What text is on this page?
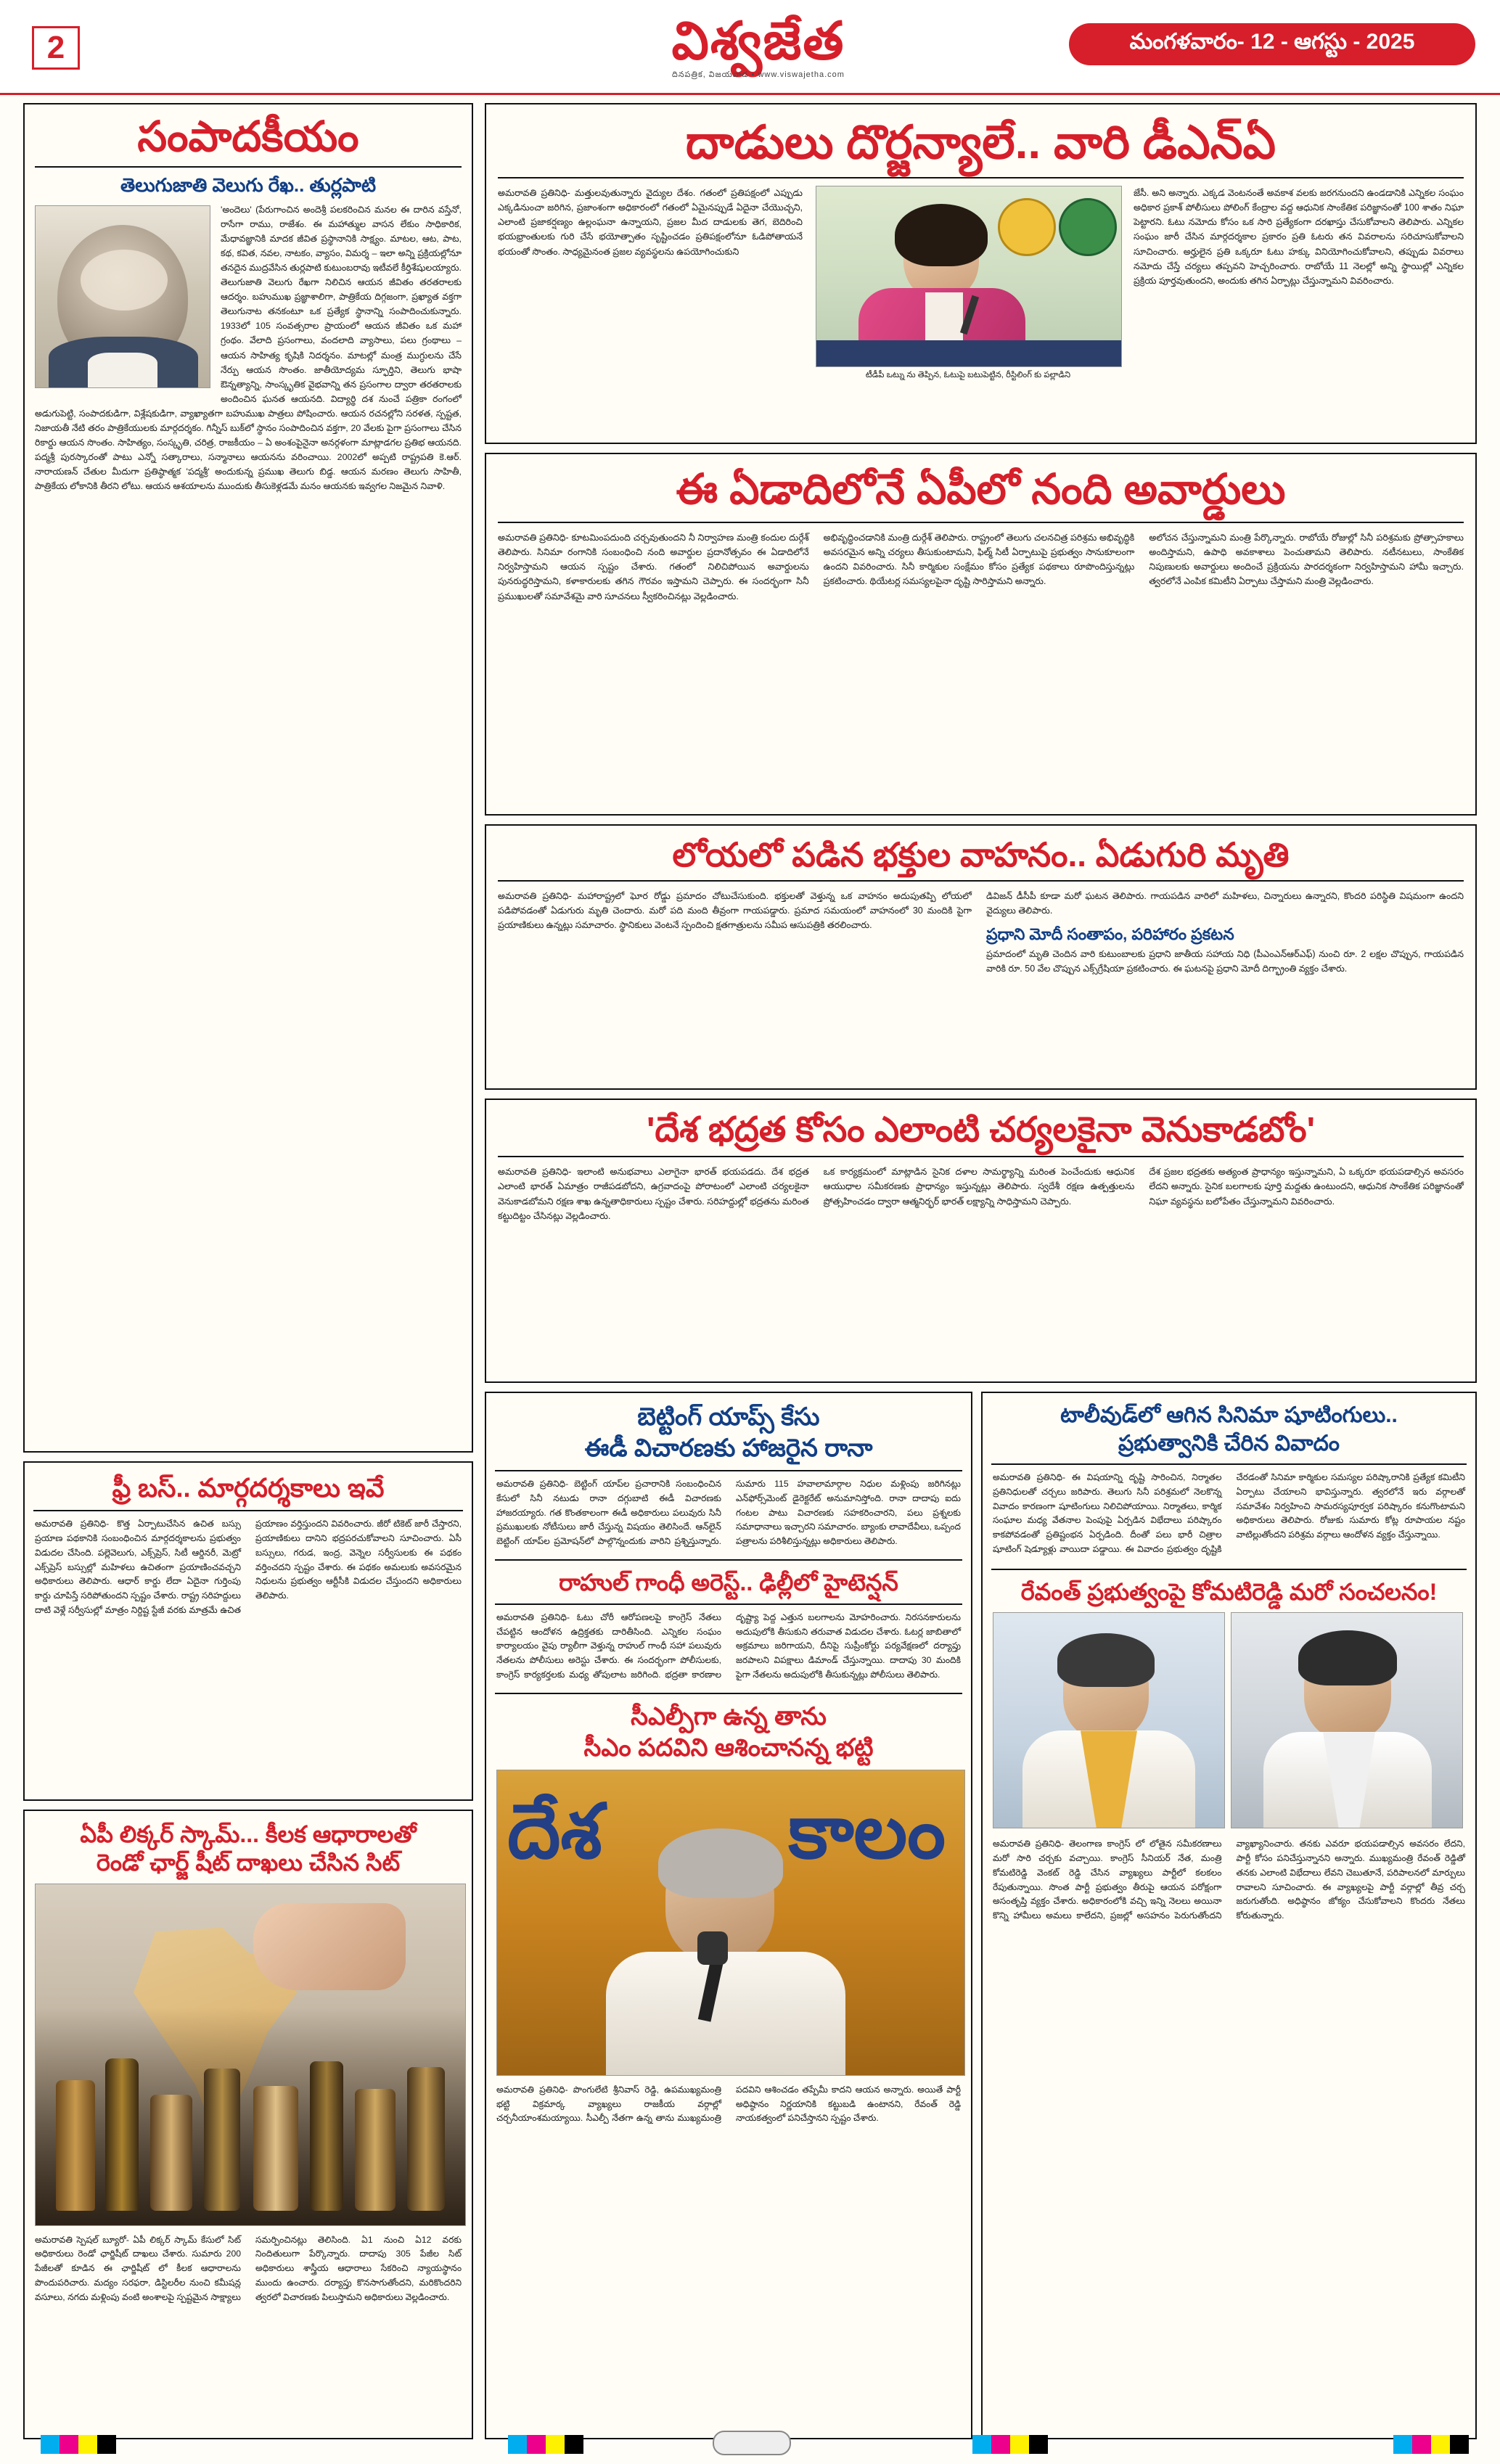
2	విశ్వజేత
దినపత్రిక, విజయవాడ • www.viswajetha.com
మంగళవారం- 12 - ఆగస్టు - 2025
సంపాదకీయం
తెలుగుజాతి వెలుగు రేఖ.. తుర్లపాటి
'అందెలు' (పేరుగాంచిన అందెశ్రీ పలకరించిన మనల ఈ దారిన వస్తేనో, రాసేగా రాము, రాజేశం. ఈ మహాత్ముల వాసన లేకుం సాధికారిక, మేధావజ్ఞానికి మాదక జీవిత ప్రస్థానానికి సాక్ష్యం. మాటల, ఆట, పాట, కథ, కవిత, నవల, నాటకం, వ్యాసం, విమర్శ – ఇలా అన్ని ప్రక్రియల్లోనూ తనదైన ముద్రవేసిన తుర్లపాటి కుటుంబరావు ఇటీవలే కీర్తిశేషులయ్యారు. తెలుగుజాతి వెలుగు రేఖగా నిలిచిన ఆయన జీవితం తరతరాలకు ఆదర్శం. బహుముఖ ప్రజ్ఞాశాలిగా, పాత్రికేయ దిగ్గజంగా, ప్రఖ్యాత వక్తగా తెలుగునాట తనకంటూ ఒక ప్రత్యేక స్థానాన్ని సంపాదించుకున్నారు. 1933లో 105 సంవత్సరాల ప్రాయంలో ఆయన జీవితం ఒక మహా గ్రంథం. వేలాది ప్రసంగాలు, వందలాది వ్యాసాలు, పలు గ్రంథాలు – ఆయన సాహిత్య కృషికి నిదర్శనం. మాటల్లో మంత్ర ముగ్ధులను చేసే నేర్పు ఆయన సొంతం. జాతీయోద్యమ స్ఫూర్తిని, తెలుగు భాషా ఔన్నత్యాన్ని, సాంస్కృతిక వైభవాన్ని తన ప్రసంగాల ద్వారా తరతరాలకు అందించిన ఘనత ఆయనది. విద్యార్థి దశ నుంచే పత్రికా రంగంలో అడుగుపెట్టి, సంపాదకుడిగా, విశ్లేషకుడిగా, వ్యాఖ్యాతగా బహుముఖ పాత్రలు పోషించారు. ఆయన రచనల్లోని సరళత, స్పష్టత, నిజాయతీ నేటి తరం పాత్రికేయులకు మార్గదర్శకం. గిన్నీస్ బుక్‌లో స్థానం సంపాదించిన వక్తగా, 20 వేలకు పైగా ప్రసంగాలు చేసిన రికార్డు ఆయన సొంతం. సాహిత్యం, సంస్కృతి, చరిత్ర, రాజకీయం – ఏ అంశంపైనైనా అనర్గళంగా మాట్లాడగల ప్రతిభ ఆయనది. పద్మశ్రీ పురస్కారంతో పాటు ఎన్నో సత్కారాలు, సన్మానాలు ఆయనను వరించాయి. 2002లో అప్పటి రాష్ట్రపతి కె.ఆర్. నారాయణన్ చేతుల మీదుగా ప్రతిష్ఠాత్మక 'పద్మశ్రీ' అందుకున్న ప్రముఖ తెలుగు బిడ్డ. ఆయన మరణం తెలుగు సాహితీ, పాత్రికేయ లోకానికి తీరని లోటు. ఆయన ఆశయాలను ముందుకు తీసుకెళ్లడమే మనం ఆయనకు ఇవ్వగల నిజమైన నివాళి.
ఫ్రీ బస్.. మార్గదర్శకాలు ఇవే
అమరావతి ప్రతినిధి- కొత్త ఏర్పాటుచేసిన ఉచిత బస్సు ప్రయాణ పథకానికి సంబంధించిన మార్గదర్శకాలను ప్రభుత్వం విడుదల చేసింది. పల్లెవెలుగు, ఎక్స్‌ప్రెస్, సిటీ ఆర్డినరీ, మెట్రో ఎక్స్‌ప్రెస్ బస్సుల్లో మహిళలు ఉచితంగా ప్రయాణించవచ్చని అధికారులు తెలిపారు. ఆధార్ కార్డు లేదా ఏదైనా గుర్తింపు కార్డు చూపిస్తే సరిపోతుందని స్పష్టం చేశారు. రాష్ట్ర సరిహద్దులు దాటి వెళ్లే సర్వీసుల్లో మాత్రం నిర్దిష్ట స్టేజీ వరకు మాత్రమే ఉచిత ప్రయాణం వర్తిస్తుందని వివరించారు. జీరో టికెట్ జారీ చేస్తారని, ప్రయాణికులు దానిని భద్రపరచుకోవాలని సూచించారు. ఏసీ బస్సులు, గరుడ, ఇంద్ర, వెన్నెల సర్వీసులకు ఈ పథకం వర్తించదని స్పష్టం చేశారు. ఈ పథకం అమలుకు అవసరమైన నిధులను ప్రభుత్వం ఆర్టీసీకి విడుదల చేస్తుందని అధికారులు తెలిపారు.
ఏపీ లిక్కర్ స్కామ్... కీలక ఆధారాలతో
రెండో ఛార్జ్ షీట్ దాఖలు చేసిన సిట్
అమరావతి స్పెషల్ బ్యూరో- ఏపీ లిక్కర్ స్కామ్ కేసులో సిట్ అధికారులు రెండో ఛార్జిషీట్ దాఖలు చేశారు. సుమారు 200 పేజీలతో కూడిన ఈ ఛార్జిషీట్ లో కీలక ఆధారాలను పొందుపరిచారు. మద్యం సరఫరా, డిస్టిలరీల నుంచి కమీషన్ల వసూలు, నగదు మళ్లింపు వంటి అంశాలపై స్పష్టమైన సాక్ష్యాలు సమర్పించినట్లు తెలిసింది. ఏ1 నుంచి ఏ12 వరకు నిందితులుగా పేర్కొన్నారు. దాదాపు 305 పేజీల సిట్ అధికారులు శాస్త్రీయ ఆధారాలు సేకరించి న్యాయస్థానం ముందు ఉంచారు. దర్యాప్తు కొనసాగుతోందని, మరికొందరిని త్వరలో విచారణకు పిలుస్తామని అధికారులు వెల్లడించారు.
దాడులు దొర్జన్యాలే.. వారి డీఎన్‌ఏ
అమరావతి ప్రతినిధి- మత్తులవుతున్నారు వైద్యుల దేశం. గతంలో ప్రతిపక్షంలో ఎప్పుడు ఎక్కడినుంచా జరిగిన, ప్రజాంశంగా అధికారంలో గతంలో ఏమైనప్పుడే ఏదైనా చేయొచ్చని, ఎలాంటి ప్రజాకర్షణ్యం ఉల్లంఘనా ఉన్నాయని, ప్రజల మీద దాడులకు తెగ, బెదిరించి భయభ్రాంతులకు గురి చేసే భయోత్పాతం సృష్టించడం ప్రతిపక్షంలోనూ ఓడిపోతాయనే భయంతో సొంతం. సాధ్యమైనంత ప్రజల వ్యవస్థలను ఉపయోగించుకుని
టీడీపీ ఒట్ను ను తెప్పిన, ఓటుపై బటుపెట్టిన, రీస్టిలింగ్ కు పల్లాడిని
జేసీ. అని అన్నారు. ఎక్కడ వెంటనంతే అవకాశ వలకు జరగనుందని ఉండడానికి ఎన్నికల సంఘం అధికార ప్రకాశ్ పోలీసులు పోలింగ్ కేంద్రాల వద్ద ఆధునిక సాంకేతిక పరిజ్ఞానంతో 100 శాతం నిఘా పెట్టారని. ఓటు నమోదు కోసం ఒక సారి ప్రత్యేకంగా దరఖాస్తు చేసుకోవాలని తెలిపారు. ఎన్నికల సంఘం జారీ చేసిన మార్గదర్శకాల ప్రకారం ప్రతి ఓటరు తన వివరాలను సరిచూసుకోవాలని సూచించారు. అర్హులైన ప్రతి ఒక్కరూ ఓటు హక్కు వినియోగించుకోవాలని, తప్పుడు వివరాలు నమోదు చేస్తే చర్యలు తప్పవని హెచ్చరించారు. రాబోయే 11 నెలల్లో అన్ని స్థాయిల్లో ఎన్నికల ప్రక్రియ పూర్తవుతుందని, అందుకు తగిన ఏర్పాట్లు చేస్తున్నామని వివరించారు.
ఈ ఏడాదిలోనే ఏపీలో నంది అవార్డులు
అమరావతి ప్రతినిధి- కూటమింపదుంది చర్చవుతుందని నీ నిర్వాహణ మంత్రి కందుల దుర్గేశ్ తెలిపారు. సినిమా రంగానికి సంబంధించి నంది అవార్డుల ప్రదానోత్సవం ఈ ఏడాదిలోనే నిర్వహిస్తామని ఆయన స్పష్టం చేశారు. గతంలో నిలిచిపోయిన అవార్డులను పునరుద్ధరిస్తామని, కళాకారులకు తగిన గౌరవం ఇస్తామని చెప్పారు. ఈ సందర్భంగా సినీ ప్రముఖులతో సమావేశమై వారి సూచనలు స్వీకరించినట్లు వెల్లడించారు.
అభివృద్ధించడానికి మంత్రి దుర్గేశ్ తెలిపారు. రాష్ట్రంలో తెలుగు చలనచిత్ర పరిశ్రమ అభివృద్ధికి అవసరమైన అన్ని చర్యలు తీసుకుంటామని, ఫిల్మ్ సిటీ ఏర్పాటుపై ప్రభుత్వం సానుకూలంగా ఉందని వివరించారు. సినీ కార్మికుల సంక్షేమం కోసం ప్రత్యేక పథకాలు రూపొందిస్తున్నట్లు ప్రకటించారు. థియేటర్ల సమస్యలపైనా దృష్టి సారిస్తామని అన్నారు.
అలోచన చేస్తున్నామని మంత్రి పేర్కొన్నారు. రాబోయే రోజుల్లో సినీ పరిశ్రమకు ప్రోత్సాహకాలు అందిస్తామని, ఉపాధి అవకాశాలు పెంచుతామని తెలిపారు. నటీనటులు, సాంకేతిక నిపుణులకు అవార్డులు అందించే ప్రక్రియను పారదర్శకంగా నిర్వహిస్తామని హామీ ఇచ్చారు. త్వరలోనే ఎంపిక కమిటీని ఏర్పాటు చేస్తామని మంత్రి వెల్లడించారు.
లోయలో పడిన భక్తుల వాహనం.. ఏడుగురి మృతి
అమరావతి ప్రతినిధి- మహారాష్ట్రలో ఘోర రోడ్డు ప్రమాదం చోటుచేసుకుంది. భక్తులతో వెళ్తున్న ఒక వాహనం అదుపుతప్పి లోయలో పడిపోవడంతో ఏడుగురు మృతి చెందారు. మరో పది మంది తీవ్రంగా గాయపడ్డారు. ప్రమాద సమయంలో వాహనంలో 30 మందికి పైగా ప్రయాణికులు ఉన్నట్లు సమాచారం. స్థానికులు వెంటనే స్పందించి క్షతగాత్రులను సమీప ఆసుపత్రికి తరలించారు.
డివిజన్ డీసీపీ కూడా మరో ఘటన తెలిపారు. గాయపడిన వారిలో మహిళలు, చిన్నారులు ఉన్నారని, కొందరి పరిస్థితి విషమంగా ఉందని వైద్యులు తెలిపారు.
ప్రధాని మోదీ సంతాపం, పరిహారం ప్రకటన
ప్రమాదంలో మృతి చెందిన వారి కుటుంబాలకు ప్రధాని జాతీయ సహాయ నిధి (పీఎంఎన్ఆర్ఎఫ్) నుంచి రూ. 2 లక్షల చొప్పున, గాయపడిన వారికి రూ. 50 వేల చొప్పున ఎక్స్‌గ్రేషియా ప్రకటించారు. ఈ ఘటనపై ప్రధాని మోదీ దిగ్భ్రాంతి వ్యక్తం చేశారు.
'దేశ భద్రత కోసం ఎలాంటి చర్యలకైనా వెనుకాడబోం'
అమరావతి ప్రతినిధి- ఇలాంటి అనుభవాలు ఎలాగైనా భారత్ భయపడదు. దేశ భద్రత ఎలాంటి భారత్ ఏమాత్రం రాజీపడబోదని, ఉగ్రవాదంపై పోరాటంలో ఎలాంటి చర్యలకైనా వెనుకాడబోమని రక్షణ శాఖ ఉన్నతాధికారులు స్పష్టం చేశారు. సరిహద్దుల్లో భద్రతను మరింత కట్టుదిట్టం చేసినట్లు వెల్లడించారు.
ఒక కార్యక్రమంలో మాట్లాడిన సైనిక దళాల సామర్థ్యాన్ని మరింత పెంచేందుకు ఆధునిక ఆయుధాల సమీకరణకు ప్రాధాన్యం ఇస్తున్నట్లు తెలిపారు. స్వదేశీ రక్షణ ఉత్పత్తులను ప్రోత్సహించడం ద్వారా ఆత్మనిర్భర్ భారత్ లక్ష్యాన్ని సాధిస్తామని చెప్పారు.
దేశ ప్రజల భద్రతకు అత్యంత ప్రాధాన్యం ఇస్తున్నామని, ఏ ఒక్కరూ భయపడాల్సిన అవసరం లేదని అన్నారు. సైనిక బలగాలకు పూర్తి మద్దతు ఉంటుందని, ఆధునిక సాంకేతిక పరిజ్ఞానంతో నిఘా వ్యవస్థను బలోపేతం చేస్తున్నామని వివరించారు.
బెట్టింగ్ యాప్స్ కేసు
ఈడీ విచారణకు హాజరైన రానా
అమరావతి ప్రతినిధి- బెట్టింగ్ యాప్‌ల ప్రచారానికి సంబంధించిన కేసులో సినీ నటుడు రానా దగ్గుబాటి ఈడీ విచారణకు హాజరయ్యారు. గత కొంతకాలంగా ఈడీ అధికారులు పలువురు సినీ ప్రముఖులకు నోటీసులు జారీ చేస్తున్న విషయం తెలిసిందే. ఆన్‌లైన్ బెట్టింగ్ యాప్‌ల ప్రమోషన్‌లో పాల్గొన్నందుకు వారిని ప్రశ్నిస్తున్నారు. సుమారు 115 హవాలామార్గాల నిధుల మళ్లింపు జరిగినట్లు ఎన్‌ఫోర్స్‌మెంట్ డైరెక్టరేట్ అనుమానిస్తోంది. రానా దాదాపు ఐదు గంటల పాటు విచారణకు సహకరించారని, పలు ప్రశ్నలకు సమాధానాలు ఇచ్చారని సమాచారం. బ్యాంకు లావాదేవీలు, ఒప్పంద పత్రాలను పరిశీలిస్తున్నట్లు అధికారులు తెలిపారు.
రాహుల్ గాంధీ అరెస్ట్.. ఢిల్లీలో హైటెన్షన్
అమరావతి ప్రతినిధి- ఓటు చోరీ ఆరోపణలపై కాంగ్రెస్ నేతలు చేపట్టిన ఆందోళన ఉద్రిక్తతకు దారితీసింది. ఎన్నికల సంఘం కార్యాలయం వైపు ర్యాలీగా వెళ్తున్న రాహుల్ గాంధీ సహా పలువురు నేతలను పోలీసులు అరెస్టు చేశారు. ఈ సందర్భంగా పోలీసులకు, కాంగ్రెస్ కార్యకర్తలకు మధ్య తోపులాట జరిగింది. భద్రతా కారణాల దృష్ట్యా పెద్ద ఎత్తున బలగాలను మోహరించారు. నిరసనకారులను అదుపులోకి తీసుకుని తరువాత విడుదల చేశారు. ఓటర్ల జాబితాలో అక్రమాలు జరిగాయని, దీనిపై సుప్రీంకోర్టు పర్యవేక్షణలో దర్యాప్తు జరపాలని విపక్షాలు డిమాండ్ చేస్తున్నాయి. దాదాపు 30 మందికి పైగా నేతలను అదుపులోకి తీసుకున్నట్లు పోలీసులు తెలిపారు.
సీఎల్పీగా ఉన్న తాను
సీఎం పదవిని ఆశించానన్న భట్టి
దేశ కాలం
అమరావతి ప్రతినిధి- పొంగులేటి శ్రీనివాస్ రెడ్డి, ఉపముఖ్యమంత్రి భట్టి విక్రమార్క వ్యాఖ్యలు రాజకీయ వర్గాల్లో చర్చనీయాంశమయ్యాయి. సీఎల్పీ నేతగా ఉన్న తాను ముఖ్యమంత్రి పదవిని ఆశించడం తప్పేమీ కాదని ఆయన అన్నారు. అయితే పార్టీ అధిష్ఠానం నిర్ణయానికి కట్టుబడి ఉంటానని, రేవంత్ రెడ్డి నాయకత్వంలో పనిచేస్తానని స్పష్టం చేశారు.
టాలీవుడ్‌లో ఆగిన సినిమా షూటింగులు..
ప్రభుత్వానికి చేరిన వివాదం
అమరావతి ప్రతినిధి- ఈ విషయాన్ని దృష్టి సారించిన, నిర్మాతల ప్రతినిధులతో చర్చలు జరిపారు. తెలుగు సినీ పరిశ్రమలో నెలకొన్న వివాదం కారణంగా షూటింగులు నిలిచిపోయాయి. నిర్మాతలు, కార్మిక సంఘాల మధ్య వేతనాల పెంపుపై ఏర్పడిన విభేదాలు పరిష్కారం కాకపోవడంతో ప్రతిష్టంభన ఏర్పడింది. దీంతో పలు భారీ చిత్రాల షూటింగ్ షెడ్యూళ్లు వాయిదా పడ్డాయి. ఈ వివాదం ప్రభుత్వం దృష్టికి చేరడంతో సినిమా కార్మికుల సమస్యల పరిష్కారానికి ప్రత్యేక కమిటీని ఏర్పాటు చేయాలని భావిస్తున్నారు. త్వరలోనే ఇరు వర్గాలతో సమావేశం నిర్వహించి సామరస్యపూర్వక పరిష్కారం కనుగొంటామని అధికారులు తెలిపారు. రోజుకు సుమారు కోట్ల రూపాయల నష్టం వాటిల్లుతోందని పరిశ్రమ వర్గాలు ఆందోళన వ్యక్తం చేస్తున్నాయి.
రేవంత్ ప్రభుత్వంపై కోమటిరెడ్డి మరో సంచలనం!
అమరావతి ప్రతినిధి- తెలంగాణ కాంగ్రెస్ లో లోతైన సమీకరణాలు మరో సారి చర్చకు వచ్చాయి. కాంగ్రెస్ సీనియర్ నేత, మంత్రి కోమటిరెడ్డి వెంకట్ రెడ్డి చేసిన వ్యాఖ్యలు పార్టీలో కలకలం రేపుతున్నాయి. సొంత పార్టీ ప్రభుత్వం తీరుపై ఆయన పరోక్షంగా అసంతృప్తి వ్యక్తం చేశారు. అధికారంలోకి వచ్చి ఇన్ని నెలలు అయినా కొన్ని హామీలు అమలు కాలేదని, ప్రజల్లో అసహనం పెరుగుతోందని వ్యాఖ్యానించారు. తనకు ఎవరూ భయపడాల్సిన అవసరం లేదని, పార్టీ కోసం పనిచేస్తున్నానని అన్నారు. ముఖ్యమంత్రి రేవంత్ రెడ్డితో తనకు ఎలాంటి విభేదాలు లేవని చెబుతూనే, పరిపాలనలో మార్పులు రావాలని సూచించారు. ఈ వ్యాఖ్యలపై పార్టీ వర్గాల్లో తీవ్ర చర్చ జరుగుతోంది. అధిష్ఠానం జోక్యం చేసుకోవాలని కొందరు నేతలు కోరుతున్నారు.
